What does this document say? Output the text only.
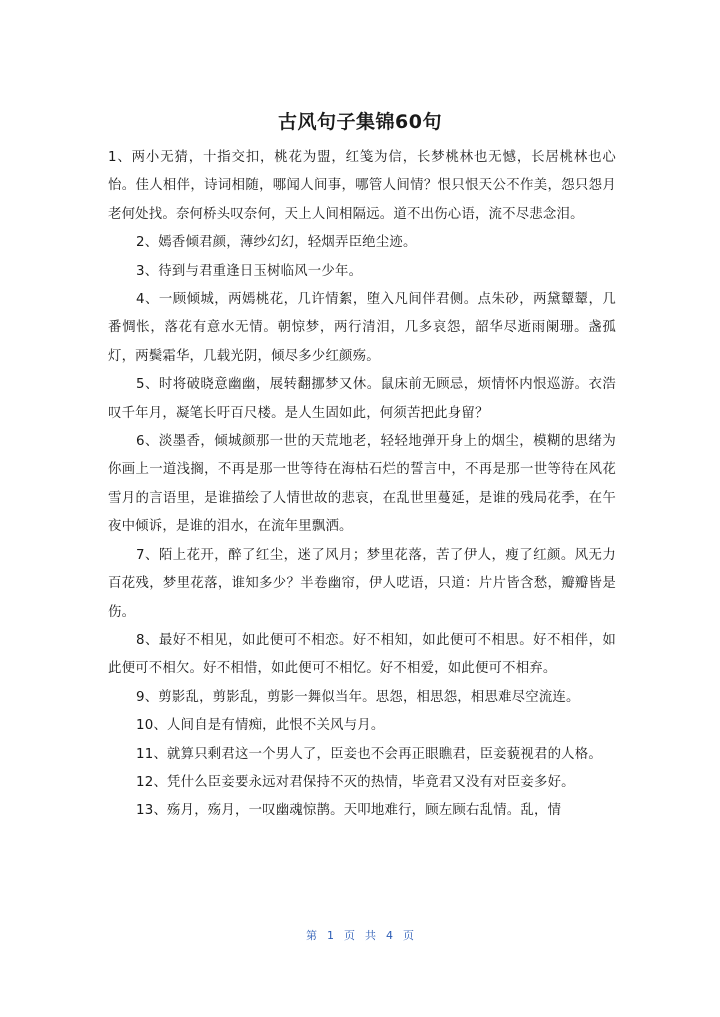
古风句子集锦60句

1、两小无猜，十指交扣，桃花为盟，红笺为信，长梦桃林也无憾，长居桃林也心怡。佳人相伴，诗词相随，哪闻人间事，哪管人间情？恨只恨天公不作美，怨只怨月老何处找。奈何桥头叹奈何，天上人间相隔远。道不出伤心语，流不尽悲念泪。

2、嫣香倾君颜，薄纱幻幻，轻烟弄臣绝尘迹。

3、待到与君重逢日玉树临风一少年。

4、一顾倾城，两嫣桃花，几许情絮，堕入凡间伴君侧。点朱砂，两黛颦颦，几番惆怅，落花有意水无情。朝惊梦，两行清泪，几多哀怨，韶华尽逝雨阑珊。盏孤灯，两鬓霜华，几载光阴，倾尽多少红颜殇。

5、时将破晓意幽幽，展转翻挪梦又休。鼠床前无顾忌，烦情怀内恨巡游。衣浩叹千年月，凝笔长吁百尺楼。是人生固如此，何须苦把此身留？

6、淡墨香，倾城颜那一世的天荒地老，轻轻地弹开身上的烟尘，模糊的思绪为你画上一道浅搁，不再是那一世等待在海枯石烂的誓言中，不再是那一世等待在风花雪月的言语里，是谁描绘了人情世故的悲哀，在乱世里蔓延，是谁的残局花季，在午夜中倾诉，是谁的泪水，在流年里飘洒。

7、陌上花开，醉了红尘，迷了风月；梦里花落，苦了伊人，瘦了红颜。风无力百花残，梦里花落，谁知多少？半卷幽帘，伊人呓语，只道：片片皆含愁，瓣瓣皆是伤。

8、最好不相见，如此便可不相恋。好不相知，如此便可不相思。好不相伴，如此便可不相欠。好不相惜，如此便可不相忆。好不相爱，如此便可不相弃。

9、剪影乱，剪影乱，剪影一舞似当年。思怨，相思怨，相思难尽空流连。

10、人间自是有情痴，此恨不关风与月。

11、就算只剩君这一个男人了，臣妾也不会再正眼瞧君，臣妾藐视君的人格。

12、凭什么臣妾要永远对君保持不灭的热情，毕竟君又没有对臣妾多好。

13、殇月，殇月，一叹幽魂惊鹊。天叩地难行，顾左顾右乱情。乱，情

第 1 页 共 4 页
